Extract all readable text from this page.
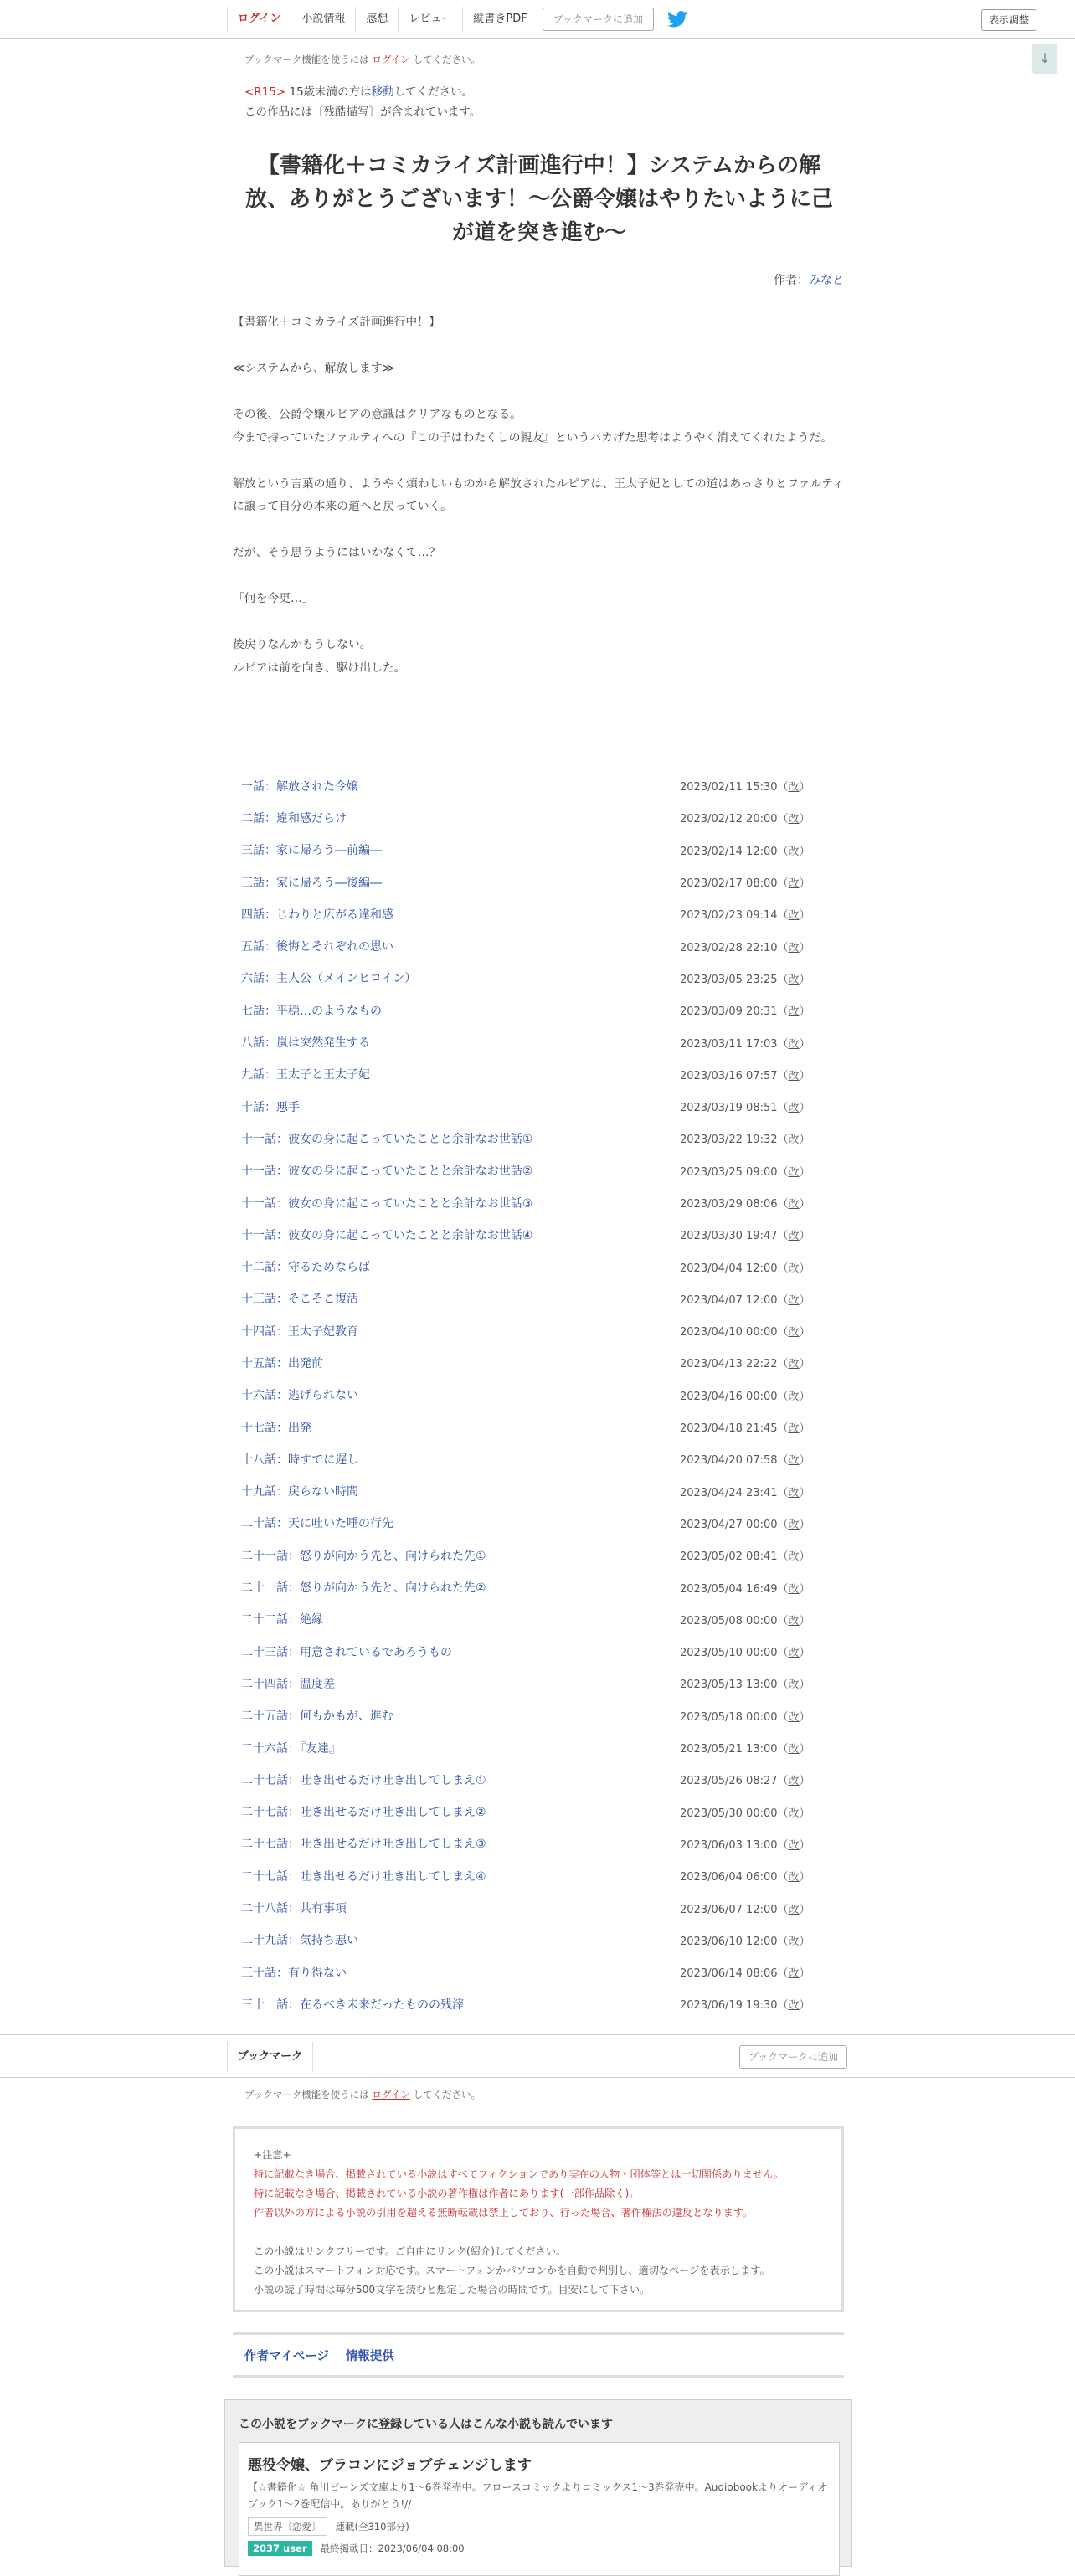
ログイン	小説情報	感想	レビュー	縦書きPDF	ブックマークに追加	表示調整
↓
ブックマーク機能を使うには ログイン してください。
<R15> 15歳未満の方は移動してください。
この作品には〔残酷描写〕が含まれています。
【書籍化＋コミカライズ計画進行中！】システムからの解放、ありがとうございます！～公爵令嬢はやりたいように己が道を突き進む～
作者：みなと

【書籍化＋コミカライズ計画進行中！】

≪システムから、解放します≫

その後、公爵令嬢ルピアの意識はクリアなものとなる。

今まで持っていたファルティへの『この子はわたくしの親友』というバカげた思考はようやく消えてくれたようだ。

解放という言葉の通り、ようやく煩わしいものから解放されたルピアは、王太子妃としての道はあっさりとファルティに譲って自分の本来の道へと戻っていく。

だが、そう思うようにはいかなくて…？

「何を今更…」

後戻りなんかもうしない。

ルピアは前を向き、駆け出した。

一話：解放された令嬢	2023/02/11 15:30（改）
二話：違和感だらけ	2023/02/12 20:00（改）
三話：家に帰ろう―前編―	2023/02/14 12:00（改）
三話：家に帰ろう―後編―	2023/02/17 08:00（改）
四話：じわりと広がる違和感	2023/02/23 09:14（改）
五話：後悔とそれぞれの思い	2023/02/28 22:10（改）
六話：主人公（メインヒロイン）	2023/03/05 23:25（改）
七話：平穏…のようなもの	2023/03/09 20:31（改）
八話：嵐は突然発生する	2023/03/11 17:03（改）
九話：王太子と王太子妃	2023/03/16 07:57（改）
十話：悪手	2023/03/19 08:51（改）
十一話：彼女の身に起こっていたことと余計なお世話①	2023/03/22 19:32（改）
十一話：彼女の身に起こっていたことと余計なお世話②	2023/03/25 09:00（改）
十一話：彼女の身に起こっていたことと余計なお世話③	2023/03/29 08:06（改）
十一話：彼女の身に起こっていたことと余計なお世話④	2023/03/30 19:47（改）
十二話：守るためならば	2023/04/04 12:00（改）
十三話：そこそこ復活	2023/04/07 12:00（改）
十四話：王太子妃教育	2023/04/10 00:00（改）
十五話：出発前	2023/04/13 22:22（改）
十六話：逃げられない	2023/04/16 00:00（改）
十七話：出発	2023/04/18 21:45（改）
十八話：時すでに遅し	2023/04/20 07:58（改）
十九話：戻らない時間	2023/04/24 23:41（改）
二十話：天に吐いた唾の行先	2023/04/27 00:00（改）
二十一話：怒りが向かう先と、向けられた先①	2023/05/02 08:41（改）
二十一話：怒りが向かう先と、向けられた先②	2023/05/04 16:49（改）
二十二話：絶縁	2023/05/08 00:00（改）
二十三話：用意されているであろうもの	2023/05/10 00:00（改）
二十四話：温度差	2023/05/13 13:00（改）
二十五話：何もかもが、進む	2023/05/18 00:00（改）
二十六話：『友達』	2023/05/21 13:00（改）
二十七話：吐き出せるだけ吐き出してしまえ①	2023/05/26 08:27（改）
二十七話：吐き出せるだけ吐き出してしまえ②	2023/05/30 00:00（改）
二十七話：吐き出せるだけ吐き出してしまえ③	2023/06/03 13:00（改）
二十七話：吐き出せるだけ吐き出してしまえ④	2023/06/04 06:00（改）
二十八話：共有事項	2023/06/07 12:00（改）
二十九話：気持ち悪い	2023/06/10 12:00（改）
三十話：有り得ない	2023/06/14 08:06（改）
三十一話：在るべき未来だったものの残滓	2023/06/19 19:30（改）
ブックマーク	ブックマークに追加
ブックマーク機能を使うには ログイン してください。
+注意+
特に記載なき場合、掲載されている小説はすべてフィクションであり実在の人物・団体等とは一切関係ありません。
特に記載なき場合、掲載されている小説の著作権は作者にあります(一部作品除く)。
作者以外の方による小説の引用を超える無断転載は禁止しており、行った場合、著作権法の違反となります。
この小説はリンクフリーです。ご自由にリンク(紹介)してください。
この小説はスマートフォン対応です。スマートフォンかパソコンかを自動で判別し、適切なページを表示します。
小説の読了時間は毎分500文字を読むと想定した場合の時間です。目安にして下さい。
作者マイページ 情報提供
この小説をブックマークに登録している人はこんな小説も読んでいます
悪役令嬢、ブラコンにジョブチェンジします
【☆書籍化☆ 角川ビーンズ文庫より1〜6巻発売中。フロースコミックよりコミックス1〜3巻発売中。Audiobookよりオーディオブック1〜2巻配信中。ありがとう!//
異世界〔恋愛〕	連載(全310部分)
2037 user	最終掲載日：2023/06/04 08:00
